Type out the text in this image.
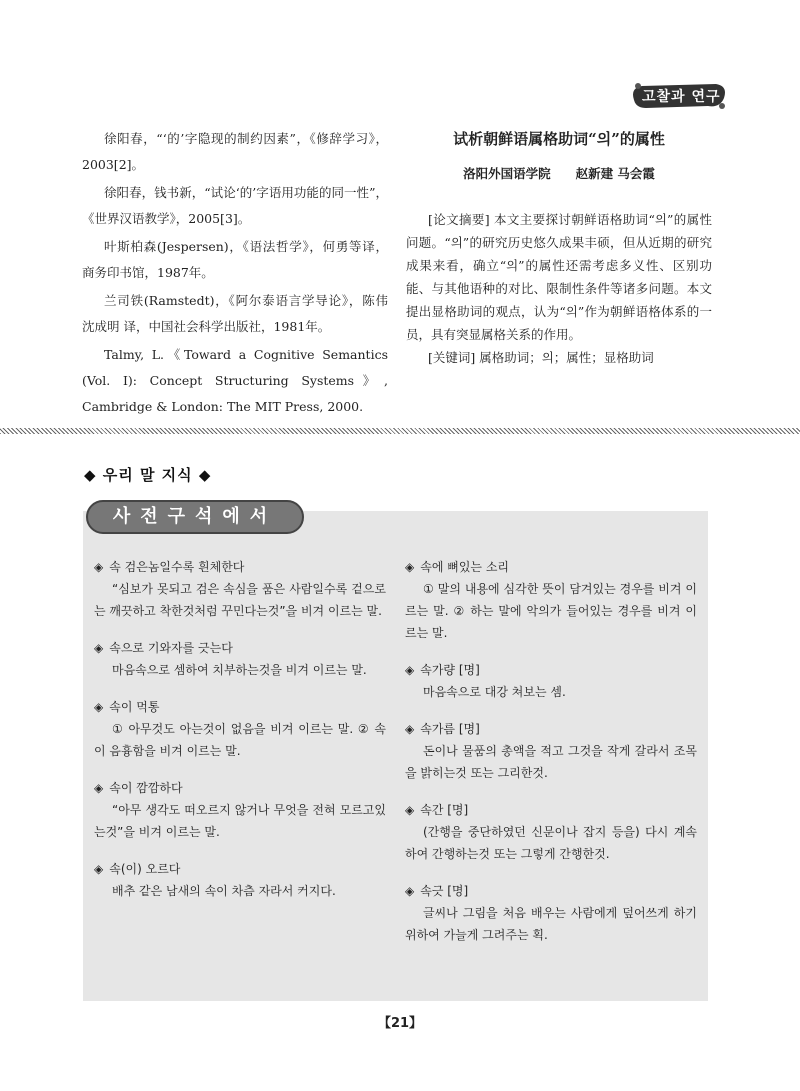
고찰과 연구

徐阳春，“‘的’字隐现的制约因素”，《修辞学习》，2003[2]。

徐阳春，钱书新，“试论‘的’字语用功能的同一性”，《世界汉语教学》，2005[3]。

叶斯柏森(Jespersen)，《语法哲学》，何勇等译，商务印书馆，1987年。

兰司铁(Ramstedt)，《阿尔泰语言学导论》，陈伟 沈成明 译，中国社会科学出版社，1981年。

Talmy, L.《Toward a Cognitive Semantics (Vol. I): Concept Structuring Systems》, Cambridge & London: The MIT Press, 2000.

试析朝鲜语属格助词“의”的属性

洛阳外国语学院　　赵新建 马会霞

[论文摘要] 本文主要探讨朝鲜语格助词“의”的属性问题。“의”的研究历史悠久成果丰硕，但从近期的研究成果来看，确立“의”的属性还需考虑多义性、区别功能、与其他语种的对比、限制性条件等诸多问题。本文提出显格助词的观点，认为“의”作为朝鲜语格体系的一员，具有突显属格关系的作用。
[关键词] 属格助词；의；属性；显格助词
◆ 우리 말 지식 ◆
사전구석에서
◈ 속 검은놈일수록 흰체한다
“심보가 못되고 검은 속심을 품은 사람일수록 겉으로는 깨끗하고 착한것처럼 꾸민다는것”을 비겨 이르는 말.
◈ 속으로 기와자를 긋는다
마음속으로 셈하여 치부하는것을 비겨 이르는 말.
◈ 속이 먹통
① 아무것도 아는것이 없음을 비겨 이르는 말. ② 속이 음흉함을 비겨 이르는 말.
◈ 속이 깜깜하다
“아무 생각도 떠오르지 않거나 무엇을 전혀 모르고있는것”을 비겨 이르는 말.
◈ 속(이) 오르다
배추 같은 남새의 속이 차츰 자라서 커지다.
◈ 속에 뼈있는 소리
① 말의 내용에 심각한 뜻이 담겨있는 경우를 비겨 이르는 말. ② 하는 말에 악의가 들어있는 경우를 비겨 이르는 말.
◈ 속가량 [명]
마음속으로 대강 쳐보는 셈.
◈ 속가름 [명]
돈이나 물품의 총액을 적고 그것을 작게 갈라서 조목을 밝히는것 또는 그리한것.
◈ 속간 [명]
(간행을 중단하였던 신문이나 잡지 등을) 다시 계속하여 간행하는것 또는 그렇게 간행한것.
◈ 속긋 [명]
글씨나 그림을 처음 배우는 사람에게 덮어쓰게 하기 위하여 가늘게 그려주는 획.
【21】
